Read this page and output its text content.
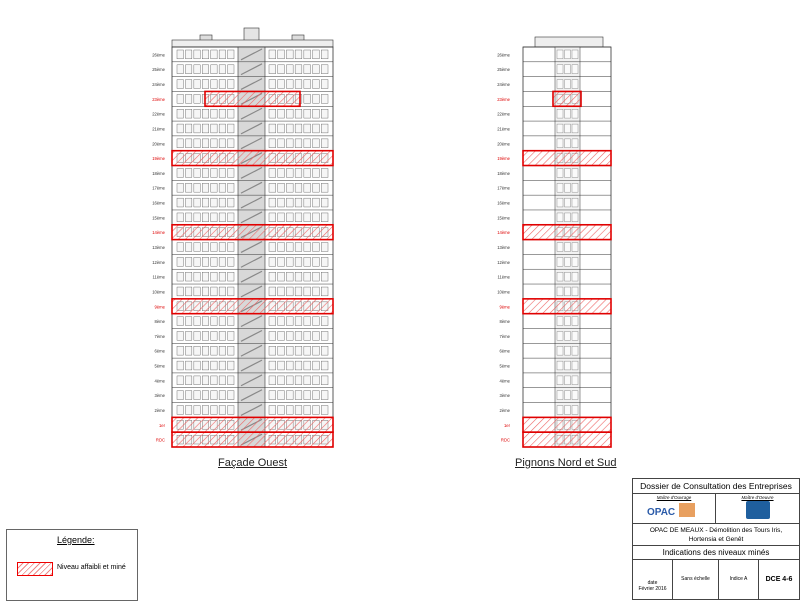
26ème
25ème
24ème
23ème
22ème
21ème
20ème
19ème
18ème
17ème
16ème
15ème
14ème
13ème
12ème
11ème
10ème
9ème
8ème
7ème
6ème
5ème
4ème
3ème
2ème
1er
RDC
26ème
25ème
24ème
23ème
22ème
21ème
20ème
19ème
18ème
17ème
16ème
15ème
14ème
13ème
12ème
11ème
10ème
9ème
8ème
7ème
6ème
5ème
4ème
3ème
2ème
1er
RDC
Façade Ouest	Pignons Nord et Sud
Légende:
Niveau affaibli et miné
Dossier de Consultation des Entreprises
Maître d'Ouvrage
OPAC
Maître d'Oeuvre
OPAC DE MEAUX - Démolition des Tours Iris,
Hortensia et Genêt
Indications des niveaux minés
date
Février 2016
Sans échelle	Indice A	DCE 4-6
